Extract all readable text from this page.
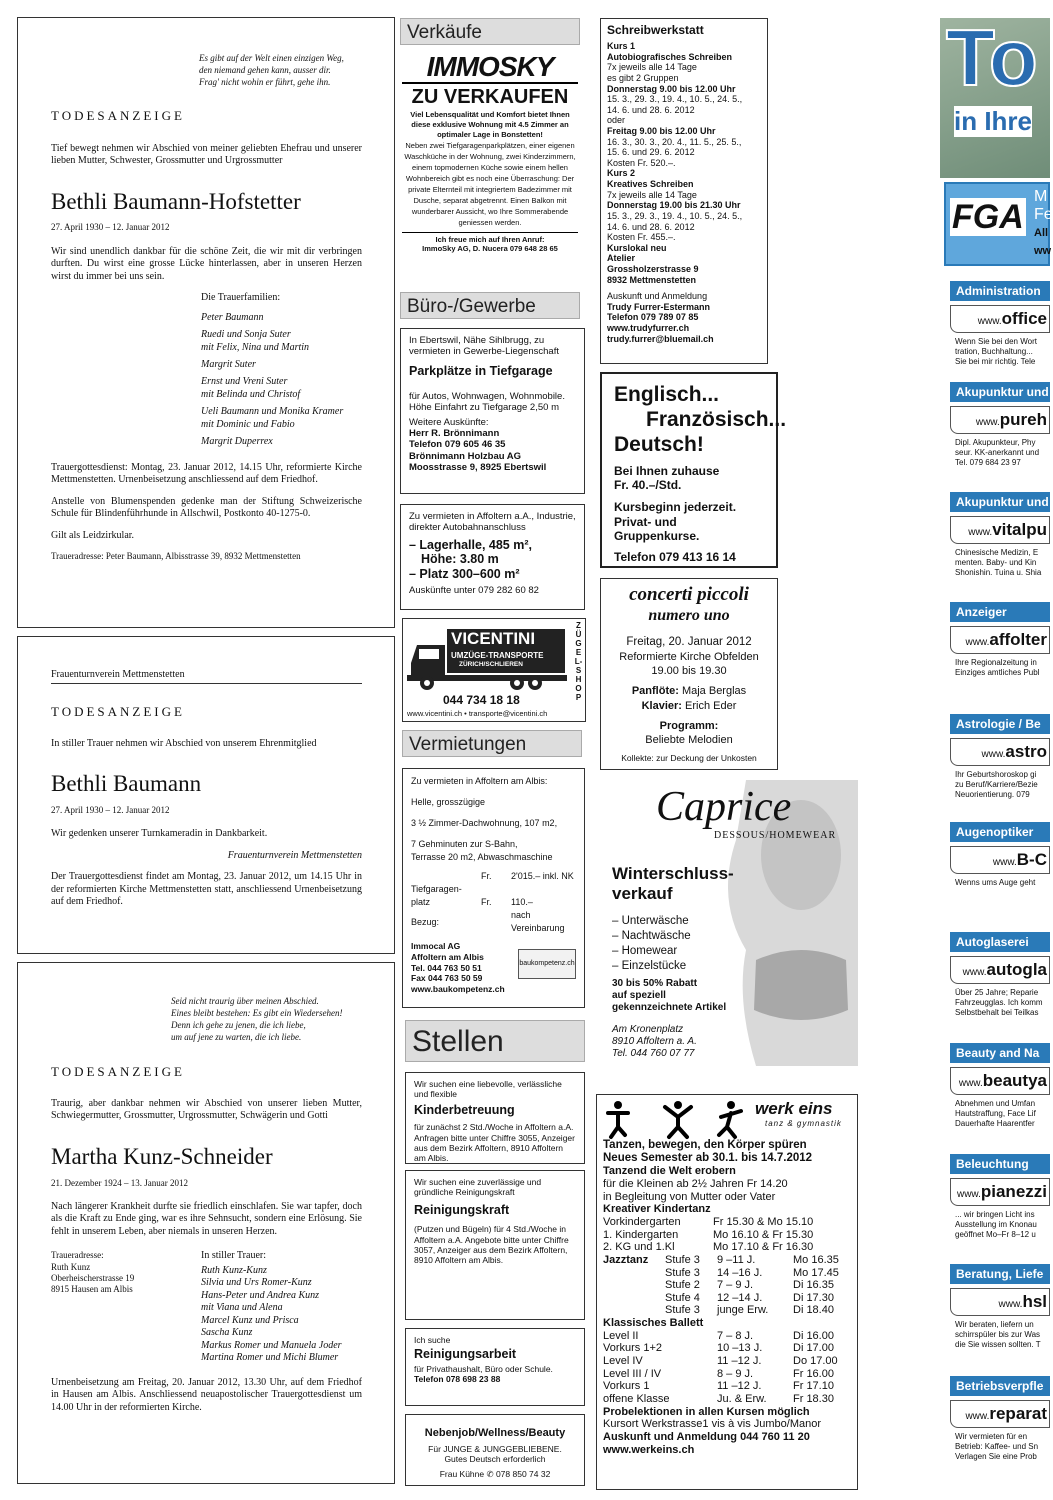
Es gibt auf der Welt einen einzigen Weg,
den niemand gehen kann, ausser dir.
Frag' nicht wohin er führt, gehe ihn.
TODESANZEIGE

Tief bewegt nehmen wir Abschied von meiner geliebten Ehefrau und unserer lieben Mutter, Schwester, Grossmutter und Urgrossmutter

Bethli Baumann-Hofstetter
27. April 1930 – 12. Januar 2012

Wir sind unendlich dankbar für die schöne Zeit, die wir mit dir verbringen durften. Du wirst eine grosse Lücke hinterlassen, aber in unseren Herzen wirst du immer bei uns sein.

Die Trauerfamilien:
Peter Baumann
Ruedi und Sonja Suter
mit Felix, Nina und Martin
Margrit Suter
Ernst und Vreni Suter
mit Belinda und Christof
Ueli Baumann und Monika Kramer
mit Dominic und Fabio
Margrit Duperrex

Trauergottesdienst: Montag, 23. Januar 2012, 14.15 Uhr, reformierte Kirche Mettmenstetten. Urnenbeisetzung anschliessend auf dem Friedhof.

Anstelle von Blumenspenden gedenke man der Stiftung Schweizerische Schule für Blindenführhunde in Allschwil, Postkonto 40-1275-0.

Gilt als Leidzirkular.

Traueradresse: Peter Baumann, Albisstrasse 39, 8932 Mettmenstetten

Frauenturnverein Mettmenstetten
TODESANZEIGE

In stiller Trauer nehmen wir Abschied von unserem Ehrenmitglied

Bethli Baumann
27. April 1930 – 12. Januar 2012

Wir gedenken unserer Turnkameradin in Dankbarkeit.

Frauenturnverein Mettmenstetten

Der Trauergottesdienst findet am Montag, 23. Januar 2012, um 14.15 Uhr in der reformierten Kirche Mettmenstetten statt, anschliessend Urnenbeisetzung auf dem Friedhof.

Seid nicht traurig über meinen Abschied.
Eines bleibt bestehen: Es gibt ein Wiedersehen!
Denn ich gehe zu jenen, die ich liebe,
um auf jene zu warten, die ich liebe.
TODESANZEIGE

Traurig, aber dankbar nehmen wir Abschied von unserer lieben Mutter, Schwiegermutter, Grossmutter, Urgrossmutter, Schwägerin und Gotti

Martha Kunz-Schneider
21. Dezember 1924 – 13. Januar 2012

Nach längerer Krankheit durfte sie friedlich einschlafen. Sie war tapfer, doch als die Kraft zu Ende ging, war es ihre Sehnsucht, sondern eine Erlösung. Sie fehlt in unserem Leben, aber niemals in unseren Herzen.

Traueradresse:
Ruth Kunz
Oberheischerstrasse 19
8915 Hausen am Albis
In stiller Trauer:
Ruth Kunz-Kunz
Silvia und Urs Romer-Kunz
Hans-Peter und Andrea Kunz
mit Viana und Alena
Marcel Kunz und Prisca
Sascha Kunz
Markus Romer und Manuela Joder
Martina Romer und Michi Blumer

Urnenbeisetzung am Freitag, 20. Januar 2012, 13.30 Uhr, auf dem Friedhof in Hausen am Albis. Anschliessend neuapostolischer Trauergottesdienst um 14.00 Uhr in der reformierten Kirche.

Verkäufe
IMMOSKY
ZU VERKAUFEN
Viel Lebensqualität und Komfort bietet Ihnen diese exklusive Wohnung mit 4.5 Zimmer an optimaler Lage in Bonstetten!
Neben zwei Tiefgaragenparkplätzen, einer eigenen Waschküche in der Wohnung, zwei Kinderzimmern, einem topmodernen Küche sowie einem hellen Wohnbereich gibt es noch eine Überraschung: Der private Elternteil mit integriertem Badezimmer mit Dusche, separat abgetrennt. Einen Balkon mit wunderbarer Aussicht, wo Ihre Sommerabende geniessen werden.
Ich freue mich auf Ihren Anruf:
ImmoSky AG, D. Nucera 079 648 28 65
Büro-/Gewerbe
In Ebertswil, Nähe Sihlbrugg, zu vermieten in Gewerbe-Liegenschaft
Parkplätze in Tiefgarage
für Autos, Wohnwagen, Wohnmobile. Höhe Einfahrt zu Tiefgarage 2,50 m
Weitere Auskünfte:
Herr R. Brönnimann
Telefon 079 605 46 35
Brönnimann Holzbau AG
Moosstrasse 9, 8925 Ebertswil
Zu vermieten in Affoltern a.A., Industrie, direkter Autobahnanschluss
– Lagerhalle, 485 m²,
Höhe: 3.80 m
– Platz 300–600 m²
Auskünfte unter 079 282 60 82
VICENTINI
UMZÜGE-TRANSPORTE
ZÜRICH/SCHLIEREN
ZÜGEL-SHOP
044 734 18 18
www.vicentini.ch • transporte@vicentini.ch
Vermietungen
Zu vermieten in Affoltern am Albis:
Helle, grosszügige
3 ½ Zimmer-Dachwohnung, 107 m2,
7 Gehminuten zur S-Bahn,
Terrasse 20 m2, Abwaschmaschine
	Fr.	2'015.– inkl. NK
Tiefgaragen-		
platz	Fr.	110.–
Bezug:		nach Vereinbarung
Immocal AG
Affoltern am Albis
Tel. 044 763 50 51
Fax 044 763 50 59
www.baukompetenz.ch
baukompetenz.ch
Stellen
Wir suchen eine liebevolle, verlässliche und flexible
Kinderbetreuung
für zunächst 2 Std./Woche in Affoltern a.A. Anfragen bitte unter Chiffre 3055, Anzeiger aus dem Bezirk Affoltern, 8910 Affoltern am Albis.
Wir suchen eine zuverlässige und gründliche Reinigungskraft
Reinigungskraft
(Putzen und Bügeln) für 4 Std./Woche in Affoltern a.A. Angebote bitte unter Chiffre 3057, Anzeiger aus dem Bezirk Affoltern, 8910 Affoltern am Albis.
Ich suche
Reinigungsarbeit
für Privathaushalt, Büro oder Schule.
Telefon 078 698 23 88
Nebenjob/Wellness/Beauty
Für JUNGE & JUNGGEBLIEBENE.
Gutes Deutsch erforderlich
Frau Kühne ✆ 078 850 74 32
Schreibwerkstatt
Kurs 1
Autobiografisches Schreiben
7x jeweils alle 14 Tage
es gibt 2 Gruppen
Donnerstag 9.00 bis 12.00 Uhr
15. 3., 29. 3., 19. 4., 10. 5., 24. 5.,
14. 6. und 28. 6. 2012
oder
Freitag 9.00 bis 12.00 Uhr
16. 3., 30. 3., 20. 4., 11. 5., 25. 5.,
15. 6. und 29. 6. 2012
Kosten Fr. 520.–.
Kurs 2
Kreatives Schreiben
7x jeweils alle 14 Tage
Donnerstag 19.00 bis 21.30 Uhr
15. 3., 29. 3., 19. 4., 10. 5., 24. 5.,
14. 6. und 28. 6. 2012
Kosten Fr. 455.–.
Kurslokal neu
Atelier
Grossholzerstrasse 9
8932 Mettmenstetten
Auskunft und Anmeldung
Trudy Furrer-Estermann
Telefon 079 789 07 85
www.trudyfurrer.ch
trudy.furrer@bluemail.ch
Englisch...
Französisch...
Deutsch!
Bei Ihnen zuhause
Fr. 40.–/Std.
Kursbeginn jederzeit.
Privat- und Gruppenkurse.
Telefon 079 413 16 14
concerti piccoli
numero uno
Freitag, 20. Januar 2012
Reformierte Kirche Obfelden
19.00 bis 19.30
Panflöte: Maja Berglas
Klavier: Erich Eder
Programm:
Beliebte Melodien
Kollekte: zur Deckung der Unkosten
Caprice
DESSOUS/HOMEWEAR
Winterschluss-verkauf
– Unterwäsche
– Nachtwäsche
– Homewear
– Einzelstücke
30 bis 50% Rabatt
auf speziell
gekennzeichnete Artikel
Am Kronenplatz
8910 Affoltern a. A.
Tel. 044 760 07 77
werk eins
tanz & gymnastik
Tanzen, bewegen, den Körper spüren
Neues Semester ab 30.1. bis 14.7.2012
Tanzend die Welt erobern
für die Kleinen ab 2½ Jahren Fr 14.20
in Begleitung von Mutter oder Vater
Kreativer Kindertanz
Vorkindergarten	Fr 15.30 & Mo 15.10
1. Kindergarten	Mo 16.10 & Fr 15.30
2. KG und 1.Kl	Mo 17.10 & Fr 16.30
Jazztanz	Stufe 3	9 –11 J.	Mo 16.35
Stufe 3	14 –16 J.	Mo 17.45
Stufe 2	7 – 9 J.	Di 16.35
Stufe 4	12 –14 J.	Di 17.30
Stufe 3	junge Erw.	Di 18.40
Klassisches Ballett
Level II	7 – 8 J.	Di 16.00
Vorkurs 1+2	10 –13 J.	Di 17.00
Level IV	11 –12 J.	Do 17.00
Level III / IV	8 – 9 J.	Fr 16.00
Vorkurs 1	11 –12 J.	Fr 17.10
offene Klasse	Ju. & Erw.	Fr 18.30
Probelektionen in allen Kursen möglich
Kursort Werkstrasse1 vis à vis Jumbo/Manor
Auskunft und Anmeldung 044 760 11 20
www.werkeins.ch
To
in Ihre
FGA
M
Fe
All
ww
Administration
www.office
Wenn Sie bei den Wort
tration, Buchhaltung...
Sie bei mir richtig. Tele
Akupunktur und
www.pureh
Dipl. Akupunkteur, Phy
seur. KK-anerkannt und
Tel. 079 684 23 97
Akupunktur und
www.vitalpu
Chinesische Medizin, E
menten. Baby- und Kin
Shonishin. Tuina u. Shia
Anzeiger
www.affolter
Ihre Regionalzeitung in
Einziges amtliches Publ
Astrologie / Be
www.astro
Ihr Geburtshoroskop gi
zu Beruf/Karriere/Bezie
Neuorientierung. 079
Augenoptiker
www.B-C
Wenns ums Auge geht
Autoglaserei
www.autogla
Über 25 Jahre; Reparie
Fahrzeugglas. Ich komm
Selbstbehalt bei Teilkas
Beauty and Na
www.beautya
Abnehmen und Umfan
Hautstraffung, Face Lif
Dauerhafte Haarentfer
Beleuchtung
www.pianezzi
... wir bringen Licht ins
Ausstellung im Knonau
geöffnet Mo–Fr 8–12 u
Beratung, Liefe
www.hsl
Wir beraten, liefern un
schirrspüler bis zur Was
die Sie wissen sollten. T
Betriebsverpfle
www.reparat
Wir vermieten für en
Betrieb: Kaffee- und Sn
Verlagen Sie eine Prob
